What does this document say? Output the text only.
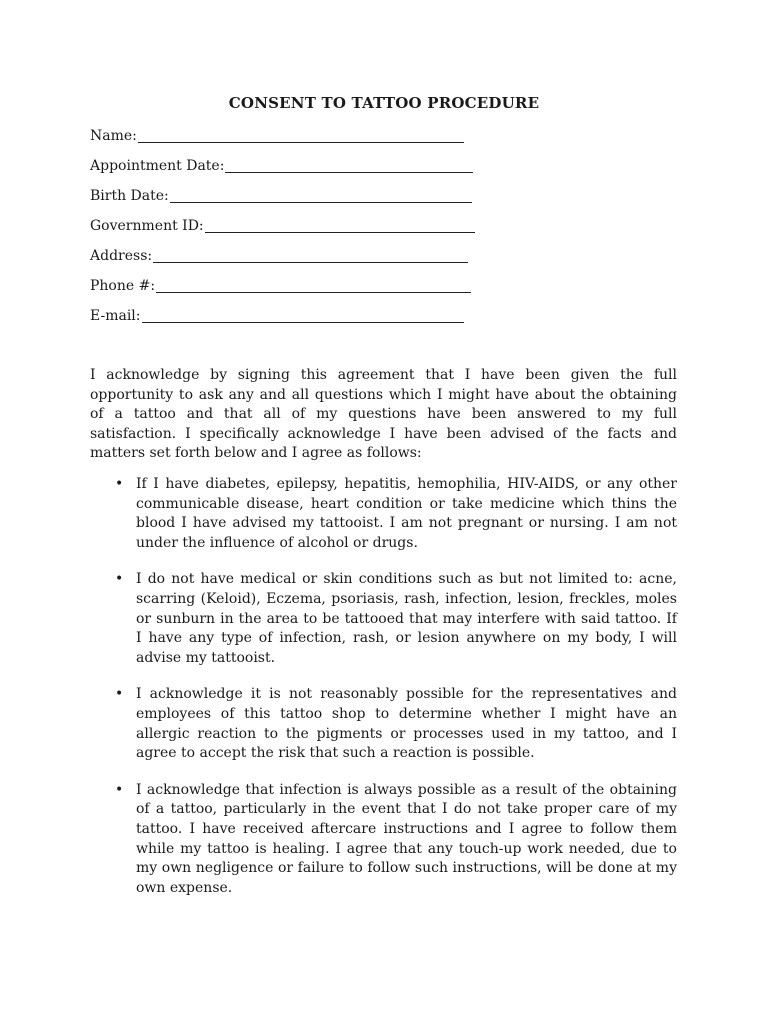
CONSENT TO TATTOO PROCEDURE
Name:
Appointment Date:
Birth Date:
Government ID:
Address:
Phone #:
E-mail:

I acknowledge by signing this agreement that I have been given the full opportunity to ask any and all questions which I might have about the obtaining of a tattoo and that all of my questions have been answered to my full satisfaction. I specifically acknowledge I have been advised of the facts and matters set forth below and I agree as follows:

• If I have diabetes, epilepsy, hepatitis, hemophilia, HIV-AIDS, or any other communicable disease, heart condition or take medicine which thins the blood I have advised my tattooist. I am not pregnant or nursing. I am not under the influence of alcohol or drugs.
• I do not have medical or skin conditions such as but not limited to: acne, scarring (Keloid), Eczema, psoriasis, rash, infection, lesion, freckles, moles or sunburn in the area to be tattooed that may interfere with said tattoo. If I have any type of infection, rash, or lesion anywhere on my body, I will advise my tattooist.
• I acknowledge it is not reasonably possible for the representatives and employees of this tattoo shop to determine whether I might have an allergic reaction to the pigments or processes used in my tattoo, and I agree to accept the risk that such a reaction is possible.
• I acknowledge that infection is always possible as a result of the obtaining of a tattoo, particularly in the event that I do not take proper care of my tattoo. I have received aftercare instructions and I agree to follow them while my tattoo is healing. I agree that any touch-up work needed, due to my own negligence or failure to follow such instructions, will be done at my own expense.
